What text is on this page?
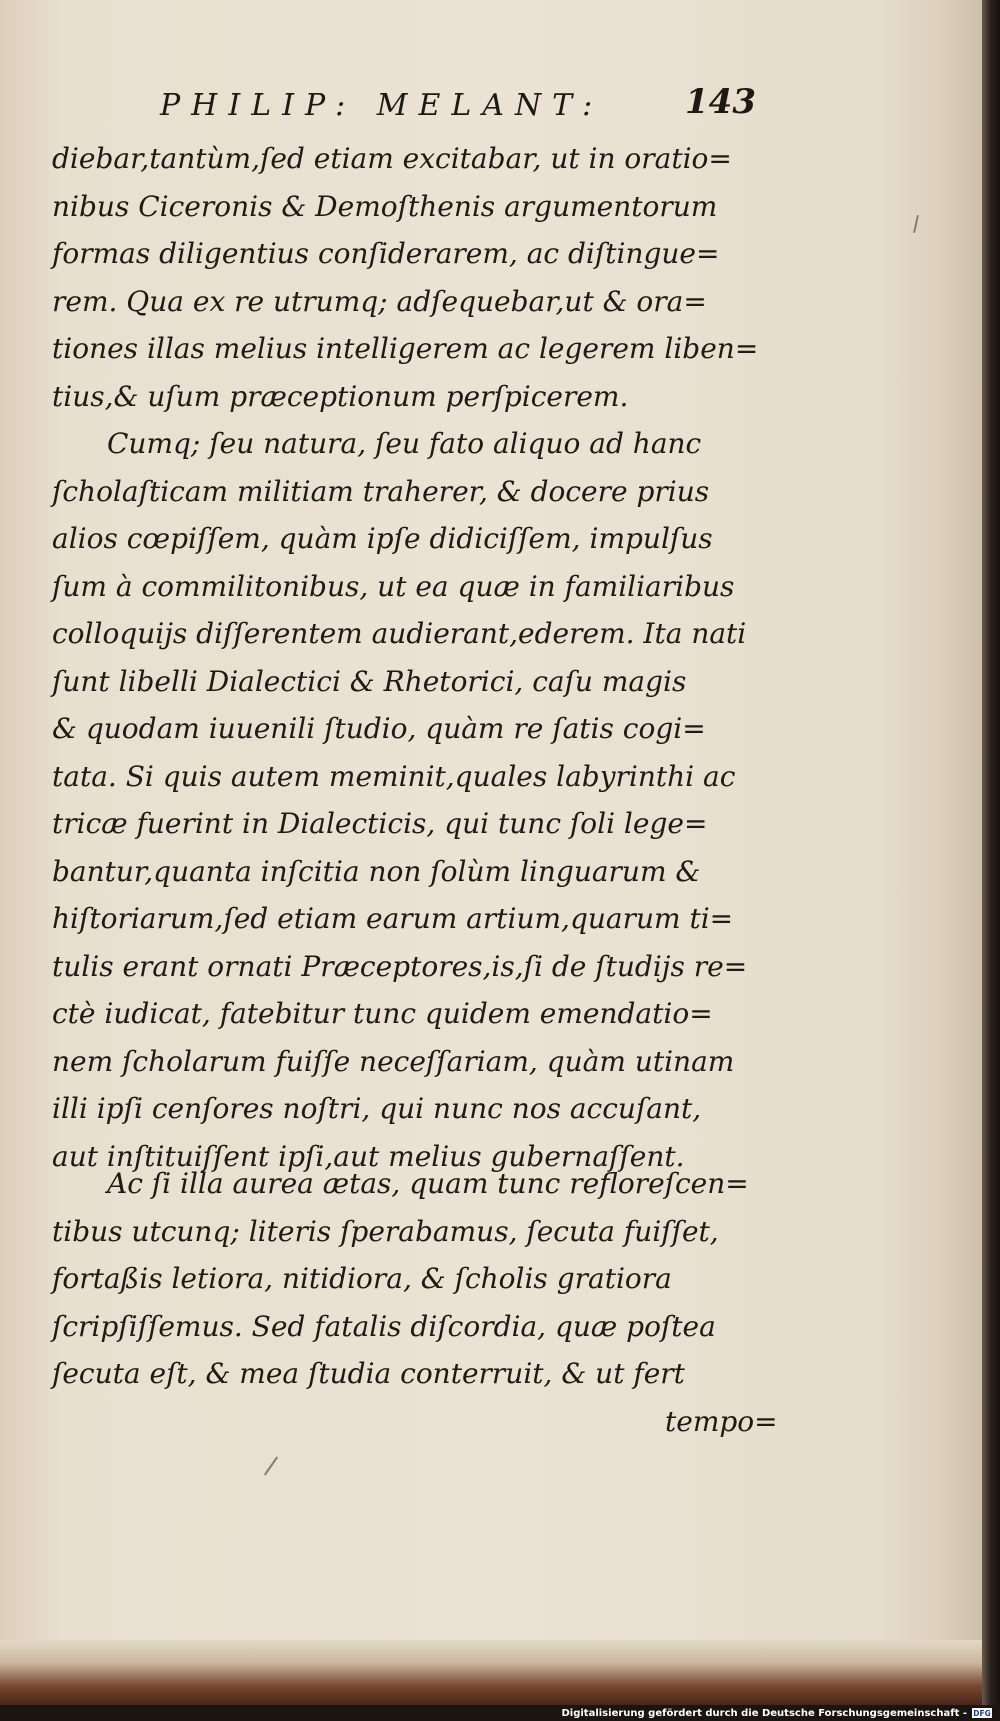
PHILIP: MELANT:	143
diebar,tantùm,ſed etiam excitabar, ut in oratio=
nibus Ciceronis & Demoſthenis argumentorum
formas diligentius conſiderarem, ac diſtingue=
rem. Qua ex re utrumq; adſequebar,ut & ora=
tiones illas melius intelligerem ac legerem liben=
tius,& uſum præceptionum perſpicerem.
Cumq; ſeu natura, ſeu fato aliquo ad hanc
ſcholaſticam militiam traherer, & docere prius
alios cœpiſſem, quàm ipſe didiciſſem, impulſus
ſum à commilitonibus, ut ea quæ in familiaribus
colloquijs diſſerentem audierant,ederem. Ita nati
ſunt libelli Dialectici & Rhetorici, caſu magis
& quodam iuuenili ſtudio, quàm re ſatis cogi=
tata. Si quis autem meminit,quales labyrinthi ac
tricæ fuerint in Dialecticis, qui tunc ſoli lege=
bantur,quanta inſcitia non ſolùm linguarum &
hiſtoriarum,ſed etiam earum artium,quarum ti=
tulis erant ornati Præceptores,is,ſi de ſtudijs re=
ctè iudicat, fatebitur tunc quidem emendatio=
nem ſcholarum fuiſſe neceſſariam, quàm utinam
illi ipſi cenſores noſtri, qui nunc nos accuſant,
aut inſtituiſſent ipſi,aut melius gubernaſſent.
Ac ſi illa aurea ætas, quam tunc refloreſcen=
tibus utcunq; literis ſperabamus, ſecuta fuiſſet,
fortaßis letiora, nitidiora, & ſcholis gratiora
ſcripſiſſemus. Sed fatalis diſcordia, quæ poſtea
ſecuta eſt, & mea ſtudia conterruit, & ut fert
tempo=
Digitalisierung gefördert durch die Deutsche Forschungsgemeinschaft - DFG
